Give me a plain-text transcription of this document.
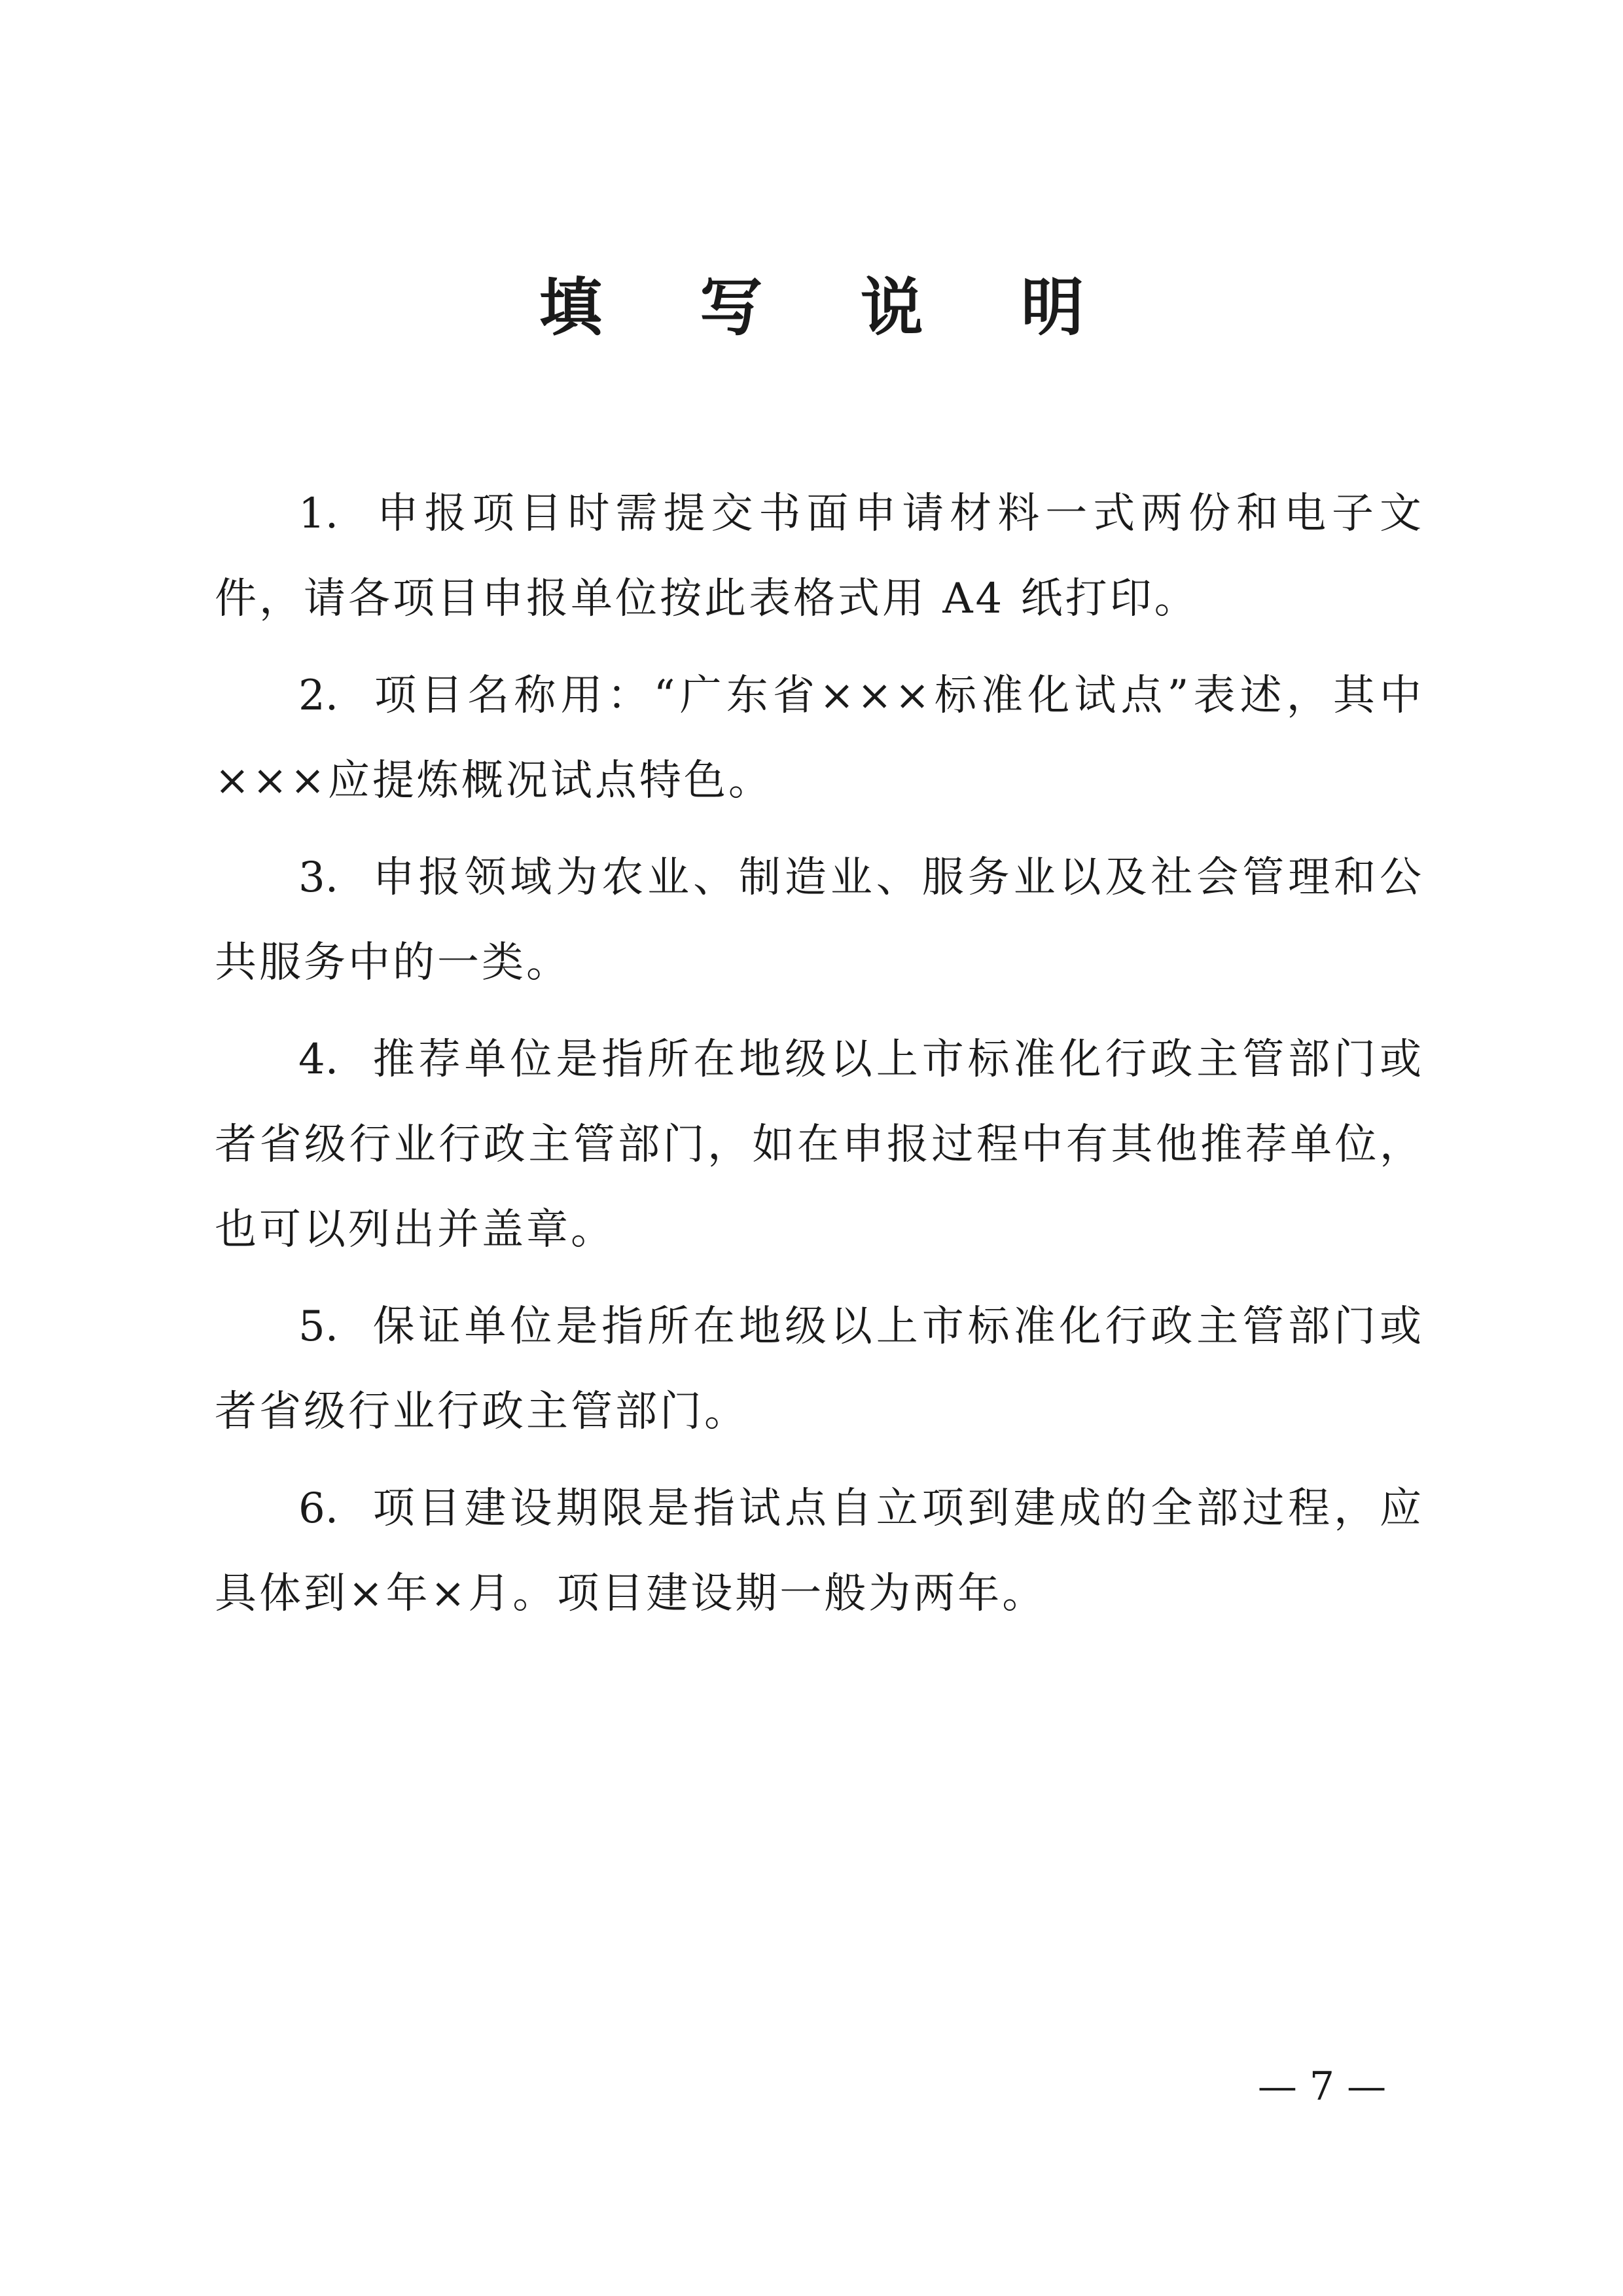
填 写 说 明

1. 申报项目时需提交书面申请材料一式两份和电子文件，请各项目申报单位按此表格式用 A4 纸打印。

2. 项目名称用：“广东省×××标准化试点”表述，其中×××应提炼概况试点特色。

3. 申报领域为农业、制造业、服务业以及社会管理和公共服务中的一类。

4. 推荐单位是指所在地级以上市标准化行政主管部门或者省级行业行政主管部门，如在申报过程中有其他推荐单位，也可以列出并盖章。

5. 保证单位是指所在地级以上市标准化行政主管部门或者省级行业行政主管部门。

6. 项目建设期限是指试点自立项到建成的全部过程，应具体到×年×月。项目建设期一般为两年。

— 7 —
